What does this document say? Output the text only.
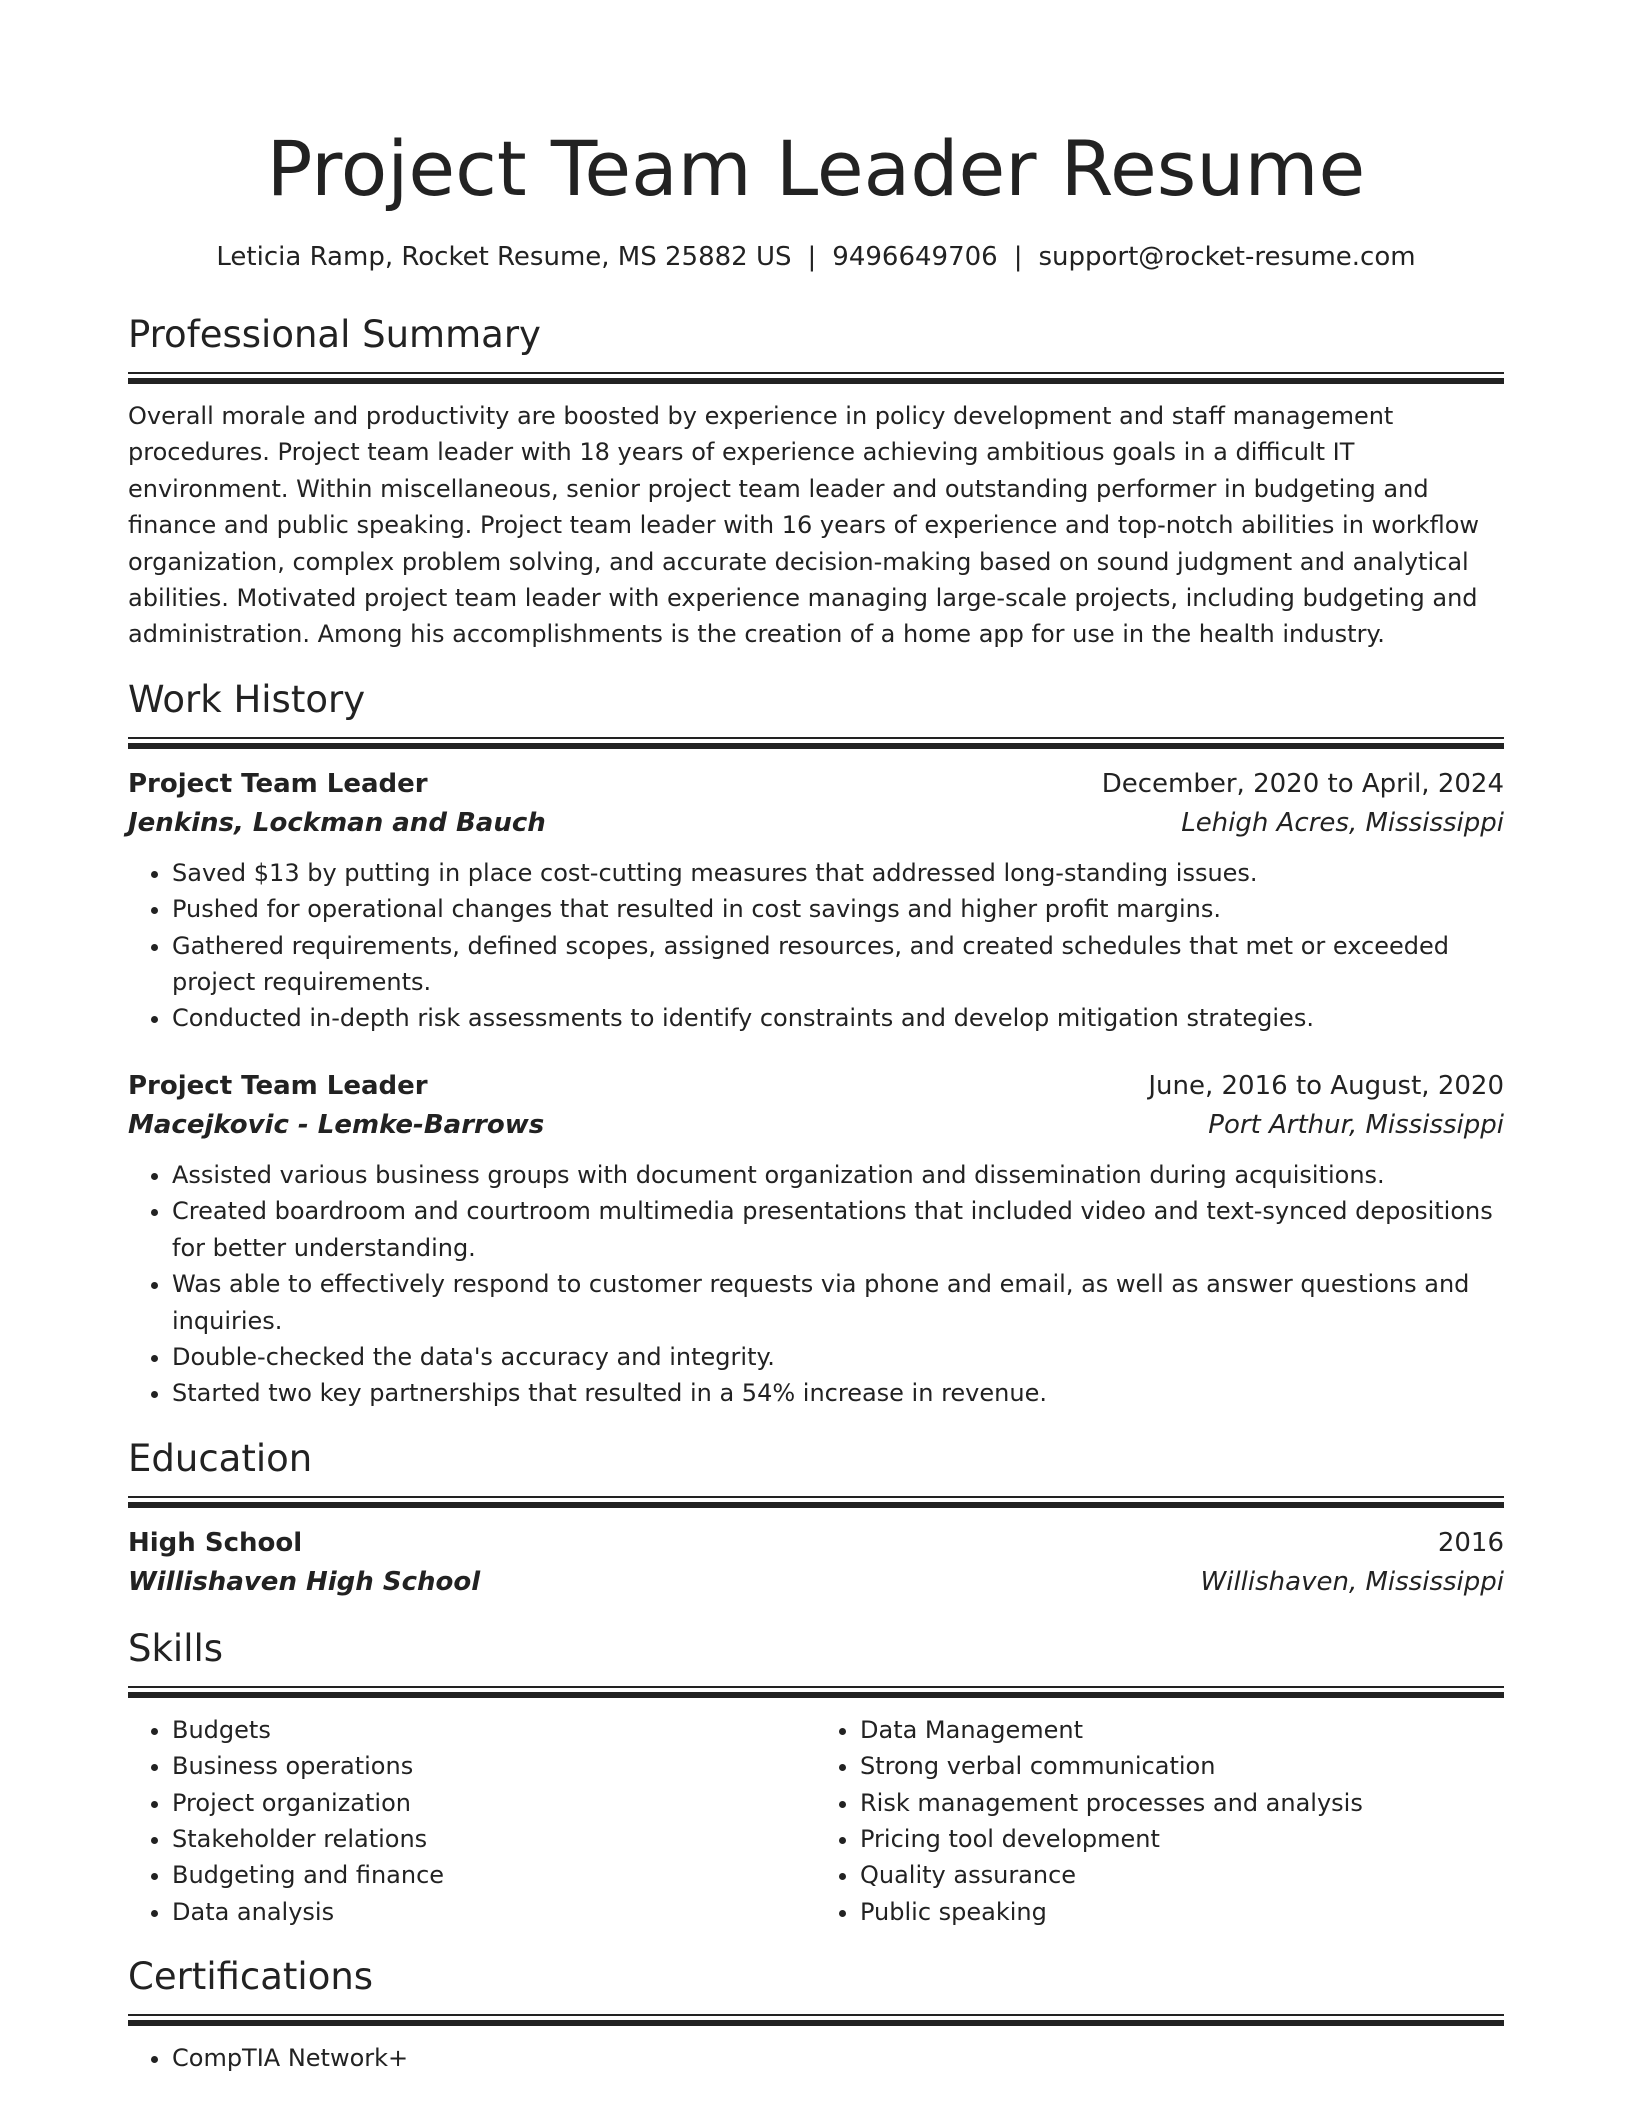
Project Team Leader Resume
Leticia Ramp, Rocket Resume, MS 25882 US | 9496649706 | support@rocket-resume.com
Professional Summary
Overall morale and productivity are boosted by experience in policy development and staff management procedures. Project team leader with 18 years of experience achieving ambitious goals in a difficult IT environment. Within miscellaneous, senior project team leader and outstanding performer in budgeting and finance and public speaking. Project team leader with 16 years of experience and top-notch abilities in workflow organization, complex problem solving, and accurate decision-making based on sound judgment and analytical abilities. Motivated project team leader with experience managing large-scale projects, including budgeting and administration. Among his accomplishments is the creation of a home app for use in the health industry.
Work History
Project Team Leader	December, 2020 to April, 2024
Jenkins, Lockman and Bauch	Lehigh Acres, Mississippi
• Saved $13 by putting in place cost-cutting measures that addressed long-standing issues.
• Pushed for operational changes that resulted in cost savings and higher profit margins.
• Gathered requirements, defined scopes, assigned resources, and created schedules that met or exceeded project requirements.
• Conducted in-depth risk assessments to identify constraints and develop mitigation strategies.
Project Team Leader	June, 2016 to August, 2020
Macejkovic - Lemke-Barrows	Port Arthur, Mississippi
• Assisted various business groups with document organization and dissemination during acquisitions.
• Created boardroom and courtroom multimedia presentations that included video and text-synced depositions for better understanding.
• Was able to effectively respond to customer requests via phone and email, as well as answer questions and inquiries.
• Double-checked the data's accuracy and integrity.
• Started two key partnerships that resulted in a 54% increase in revenue.
Education
High School	2016
Willishaven High School	Willishaven, Mississippi
Skills
• Budgets
• Business operations
• Project organization
• Stakeholder relations
• Budgeting and finance
• Data analysis
• Data Management
• Strong verbal communication
• Risk management processes and analysis
• Pricing tool development
• Quality assurance
• Public speaking
Certifications
• CompTIA Network+
